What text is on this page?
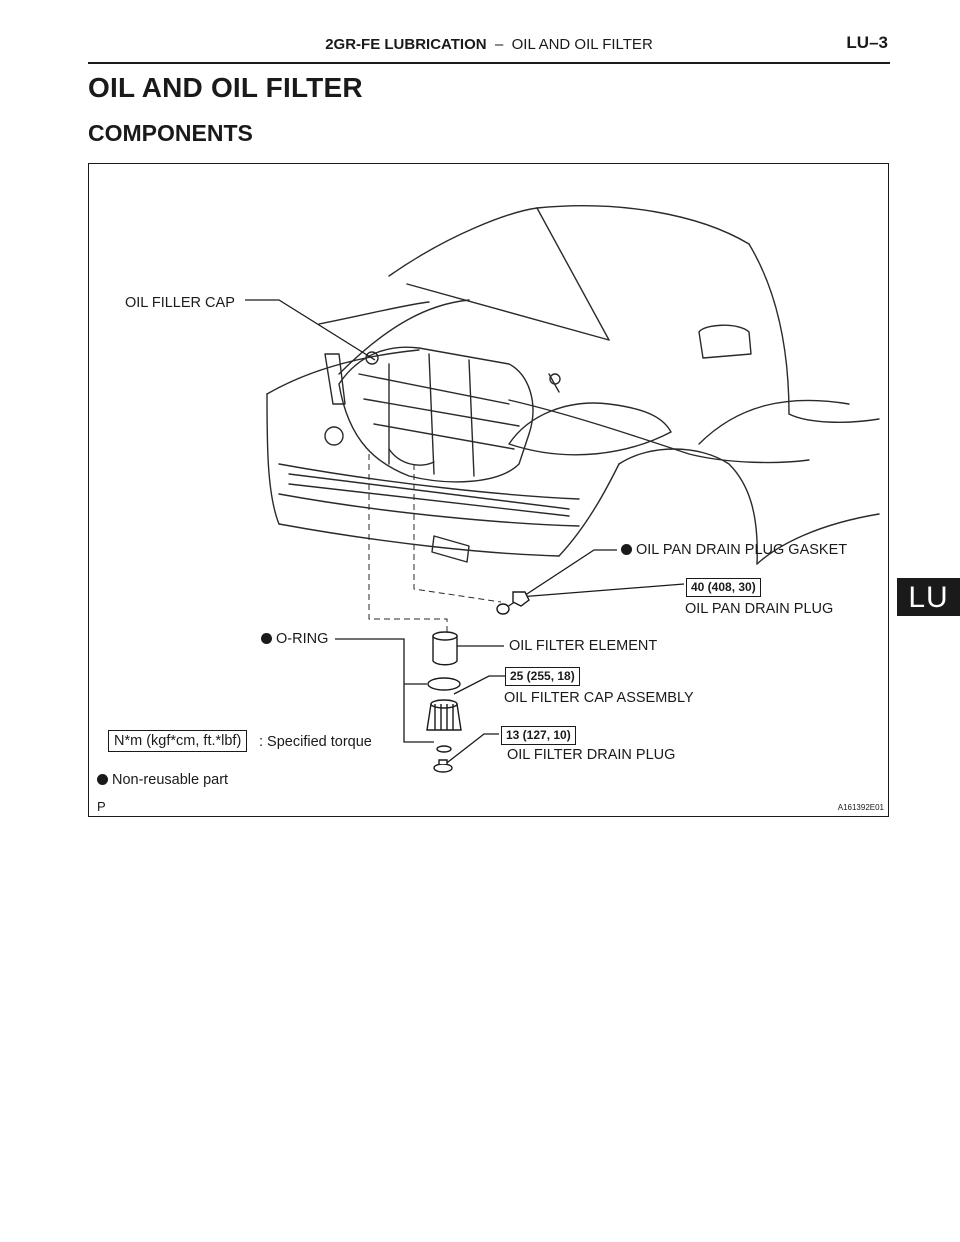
2GR-FE LUBRICATION – OIL AND OIL FILTER	LU–3
OIL AND OIL FILTER
COMPONENTS
LU
OIL FILLER CAP
OIL PAN DRAIN PLUG GASKET
40 (408, 30)
OIL PAN DRAIN PLUG
O-RING	OIL FILTER ELEMENT
25 (255, 18)
OIL FILTER CAP ASSEMBLY
N*m (kgf*cm, ft.*lbf)	: Specified torque	13 (127, 10)
OIL FILTER DRAIN PLUG
Non-reusable part
P	A161392E01
